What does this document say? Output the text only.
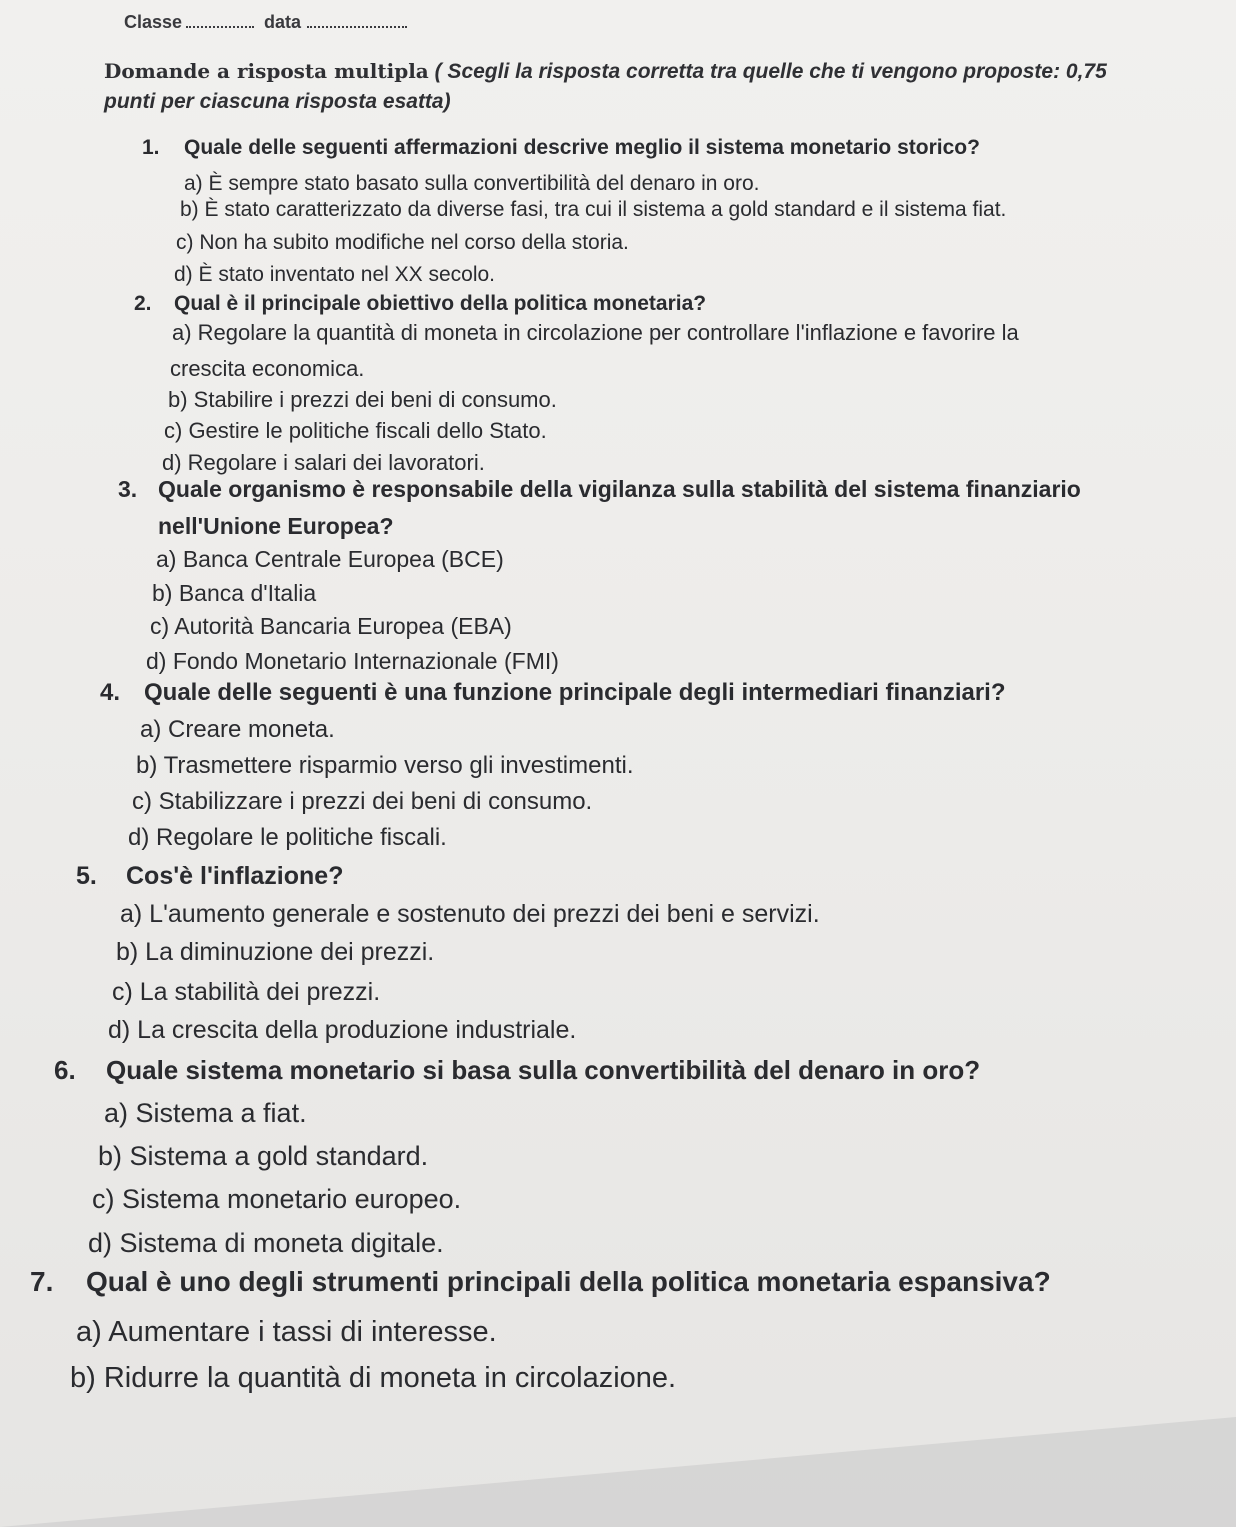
Classe	data
Domande a risposta multipla ( Scegli la risposta corretta tra quelle che ti vengono proposte: 0,75
punti per ciascuna risposta esatta)
1. Quale delle seguenti affermazioni descrive meglio il sistema monetario storico?
a) È sempre stato basato sulla convertibilità del denaro in oro.
b) È stato caratterizzato da diverse fasi, tra cui il sistema a gold standard e il sistema fiat.
c) Non ha subito modifiche nel corso della storia.
d) È stato inventato nel XX secolo.
2. Qual è il principale obiettivo della politica monetaria?
a) Regolare la quantità di moneta in circolazione per controllare l'inflazione e favorire la
crescita economica.
b) Stabilire i prezzi dei beni di consumo.
c) Gestire le politiche fiscali dello Stato.
d) Regolare i salari dei lavoratori.
3. Quale organismo è responsabile della vigilanza sulla stabilità del sistema finanziario
nell'Unione Europea?
a) Banca Centrale Europea (BCE)
b) Banca d'Italia
c) Autorità Bancaria Europea (EBA)
d) Fondo Monetario Internazionale (FMI)
4. Quale delle seguenti è una funzione principale degli intermediari finanziari?
a) Creare moneta.
b) Trasmettere risparmio verso gli investimenti.
c) Stabilizzare i prezzi dei beni di consumo.
d) Regolare le politiche fiscali.
5. Cos'è l'inflazione?
a) L'aumento generale e sostenuto dei prezzi dei beni e servizi.
b) La diminuzione dei prezzi.
c) La stabilità dei prezzi.
d) La crescita della produzione industriale.
6. Quale sistema monetario si basa sulla convertibilità del denaro in oro?
a) Sistema a fiat.
b) Sistema a gold standard.
c) Sistema monetario europeo.
d) Sistema di moneta digitale.
7. Qual è uno degli strumenti principali della politica monetaria espansiva?
a) Aumentare i tassi di interesse.
b) Ridurre la quantità di moneta in circolazione.
